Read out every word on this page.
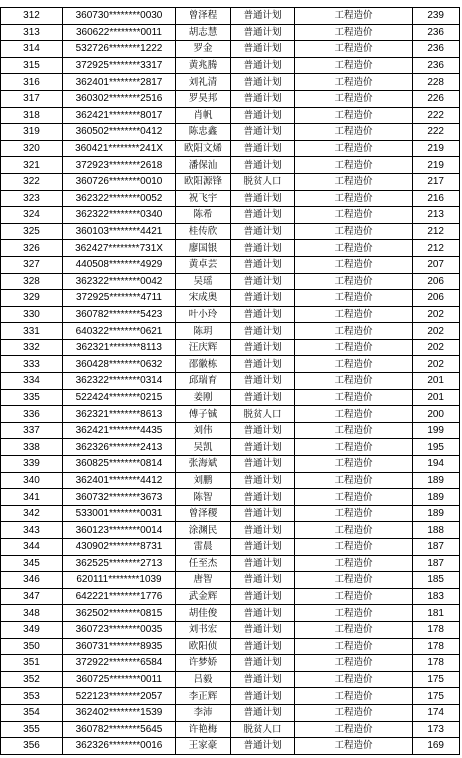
312	360730********0030	曾泽程	普通计划	工程造价	239
313	360622********0011	胡志慧	普通计划	工程造价	236
314	532726********1222	罗金	普通计划	工程造价	236
315	372925********3317	黄兆腾	普通计划	工程造价	236
316	362401********2817	刘礼清	普通计划	工程造价	228
317	360302********2516	罗昊邦	普通计划	工程造价	226
318	362421********8017	肖帆	普通计划	工程造价	222
319	360502********0412	陈忠鑫	普通计划	工程造价	222
320	360421********241X	欧阳文烯	普通计划	工程造价	219
321	372923********2618	潘保汕	普通计划	工程造价	219
322	360726********0010	欧阳源锋	脱贫人口	工程造价	217
323	362322********0052	祝飞宇	普通计划	工程造价	216
324	362322********0340	陈希	普通计划	工程造价	213
325	360103********4421	桂传欣	普通计划	工程造价	212
326	362427********731X	廖国银	普通计划	工程造价	212
327	440508********4929	黄卓芸	普通计划	工程造价	207
328	362322********0042	吴瑶	普通计划	工程造价	206
329	372925********4711	宋成奥	普通计划	工程造价	206
330	360782********5423	叶小玲	普通计划	工程造价	202
331	640322********0621	陈玥	普通计划	工程造价	202
332	362321********8113	汪庆辉	普通计划	工程造价	202
333	360428********0632	邵徽栋	普通计划	工程造价	202
334	362322********0314	邱瑞育	普通计划	工程造价	201
335	522424********0215	姜刚	普通计划	工程造价	201
336	362321********8613	傅子铖	脱贫人口	工程造价	200
337	362421********4435	刘伟	普通计划	工程造价	199
338	362326********2413	吴凯	普通计划	工程造价	195
339	360825********0814	张海斌	普通计划	工程造价	194
340	362401********4412	刘鹏	普通计划	工程造价	189
341	360732********3673	陈智	普通计划	工程造价	189
342	533001********0031	曾泽稷	普通计划	工程造价	189
343	360123********0014	涂渊民	普通计划	工程造价	188
344	430902********8731	雷晨	普通计划	工程造价	187
345	362525********2713	任至杰	普通计划	工程造价	187
346	620111********1039	唐智	普通计划	工程造价	185
347	642221********1776	武金辉	普通计划	工程造价	183
348	362502********0815	胡佳俊	普通计划	工程造价	181
349	360723********0035	刘书宏	普通计划	工程造价	178
350	360731********8935	欧阳侦	普通计划	工程造价	178
351	372922********6584	许梦娇	普通计划	工程造价	178
352	360725********0011	吕毅	普通计划	工程造价	175
353	522123********2057	李正辉	普通计划	工程造价	175
354	362402********1539	李沛	普通计划	工程造价	174
355	360782********5645	许艳梅	脱贫人口	工程造价	173
356	362326********0016	王家豪	普通计划	工程造价	169
